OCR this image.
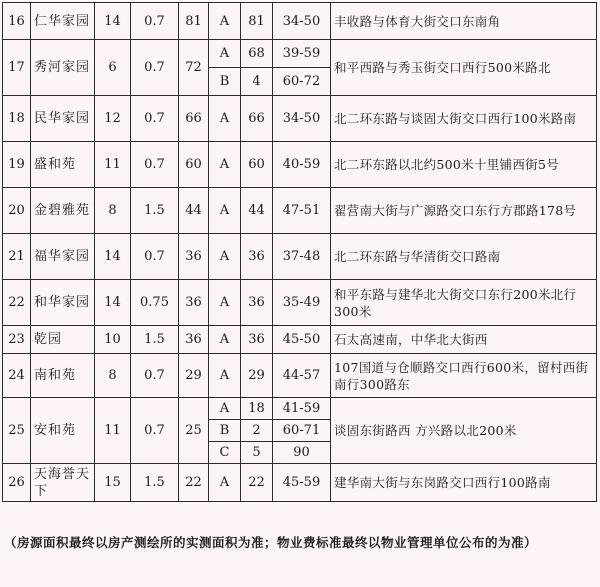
16	仁华家园	14	0.7	81	A	81	34-50	丰收路与体育大街交口东南角
17	秀河家园	6	0.7	72	A	68	39-59	和平西路与秀玉街交口西行500米路北
					B	4	60-72	
18	民华家园	12	0.7	66	A	66	34-50	北二环东路与谈固大街交口西行100米路南
19	盛和苑	11	0.7	60	A	60	40-59	北二环东路以北约500米十里铺西街5号
20	金碧雅苑	8	1.5	44	A	44	47-51	翟营南大街与广源路交口东行方郡路178号
21	福华家园	14	0.7	36	A	36	37-48	北二环东路与华清街交口路南
22	和华家园	14	0.75	36	A	36	35-49	和平东路与建华北大街交口东行200米北行300米
23	乾园	10	1.5	36	A	36	45-50	石太高速南，中华北大街西
24	南和苑	8	0.7	29	A	29	44-57	107国道与仓顺路交口西行600米，留村西街南行300路东
25	安和苑	11	0.7	25	A	18	41-59	谈固东街路西 方兴路以北200米
					B	2	60-71	
					C	5	90	
26	天海誉天下	15	1.5	22	A	22	45-59	建华南大街与东岗路交口西行100路南
（房源面积最终以房产测绘所的实测面积为准；物业费标准最终以物业管理单位公布的为准）
